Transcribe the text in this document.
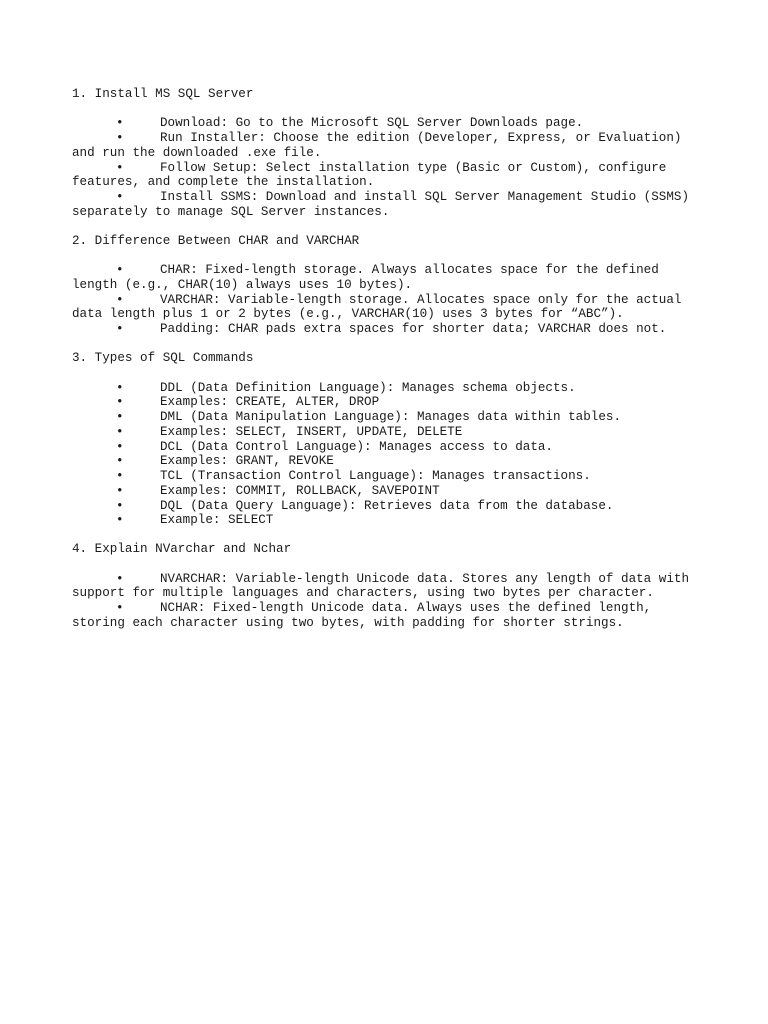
1. Install MS SQL Server
•	Download: Go to the Microsoft SQL Server Downloads page.
•	Run Installer: Choose the edition (Developer, Express, or Evaluation) and run the downloaded .exe file.
•	Follow Setup: Select installation type (Basic or Custom), configure features, and complete the installation.
•	Install SSMS: Download and install SQL Server Management Studio (SSMS) separately to manage SQL Server instances.
2. Difference Between CHAR and VARCHAR
•	CHAR: Fixed-length storage. Always allocates space for the defined length (e.g., CHAR(10) always uses 10 bytes).
•	VARCHAR: Variable-length storage. Allocates space only for the actual data length plus 1 or 2 bytes (e.g., VARCHAR(10) uses 3 bytes for “ABC”).
•	Padding: CHAR pads extra spaces for shorter data; VARCHAR does not.
3. Types of SQL Commands
•	DDL (Data Definition Language): Manages schema objects.
•	Examples: CREATE, ALTER, DROP
•	DML (Data Manipulation Language): Manages data within tables.
•	Examples: SELECT, INSERT, UPDATE, DELETE
•	DCL (Data Control Language): Manages access to data.
•	Examples: GRANT, REVOKE
•	TCL (Transaction Control Language): Manages transactions.
•	Examples: COMMIT, ROLLBACK, SAVEPOINT
•	DQL (Data Query Language): Retrieves data from the database.
•	Example: SELECT
4. Explain NVarchar and Nchar
•	NVARCHAR: Variable-length Unicode data. Stores any length of data with support for multiple languages and characters, using two bytes per character.
•	NCHAR: Fixed-length Unicode data. Always uses the defined length, storing each character using two bytes, with padding for shorter strings.
